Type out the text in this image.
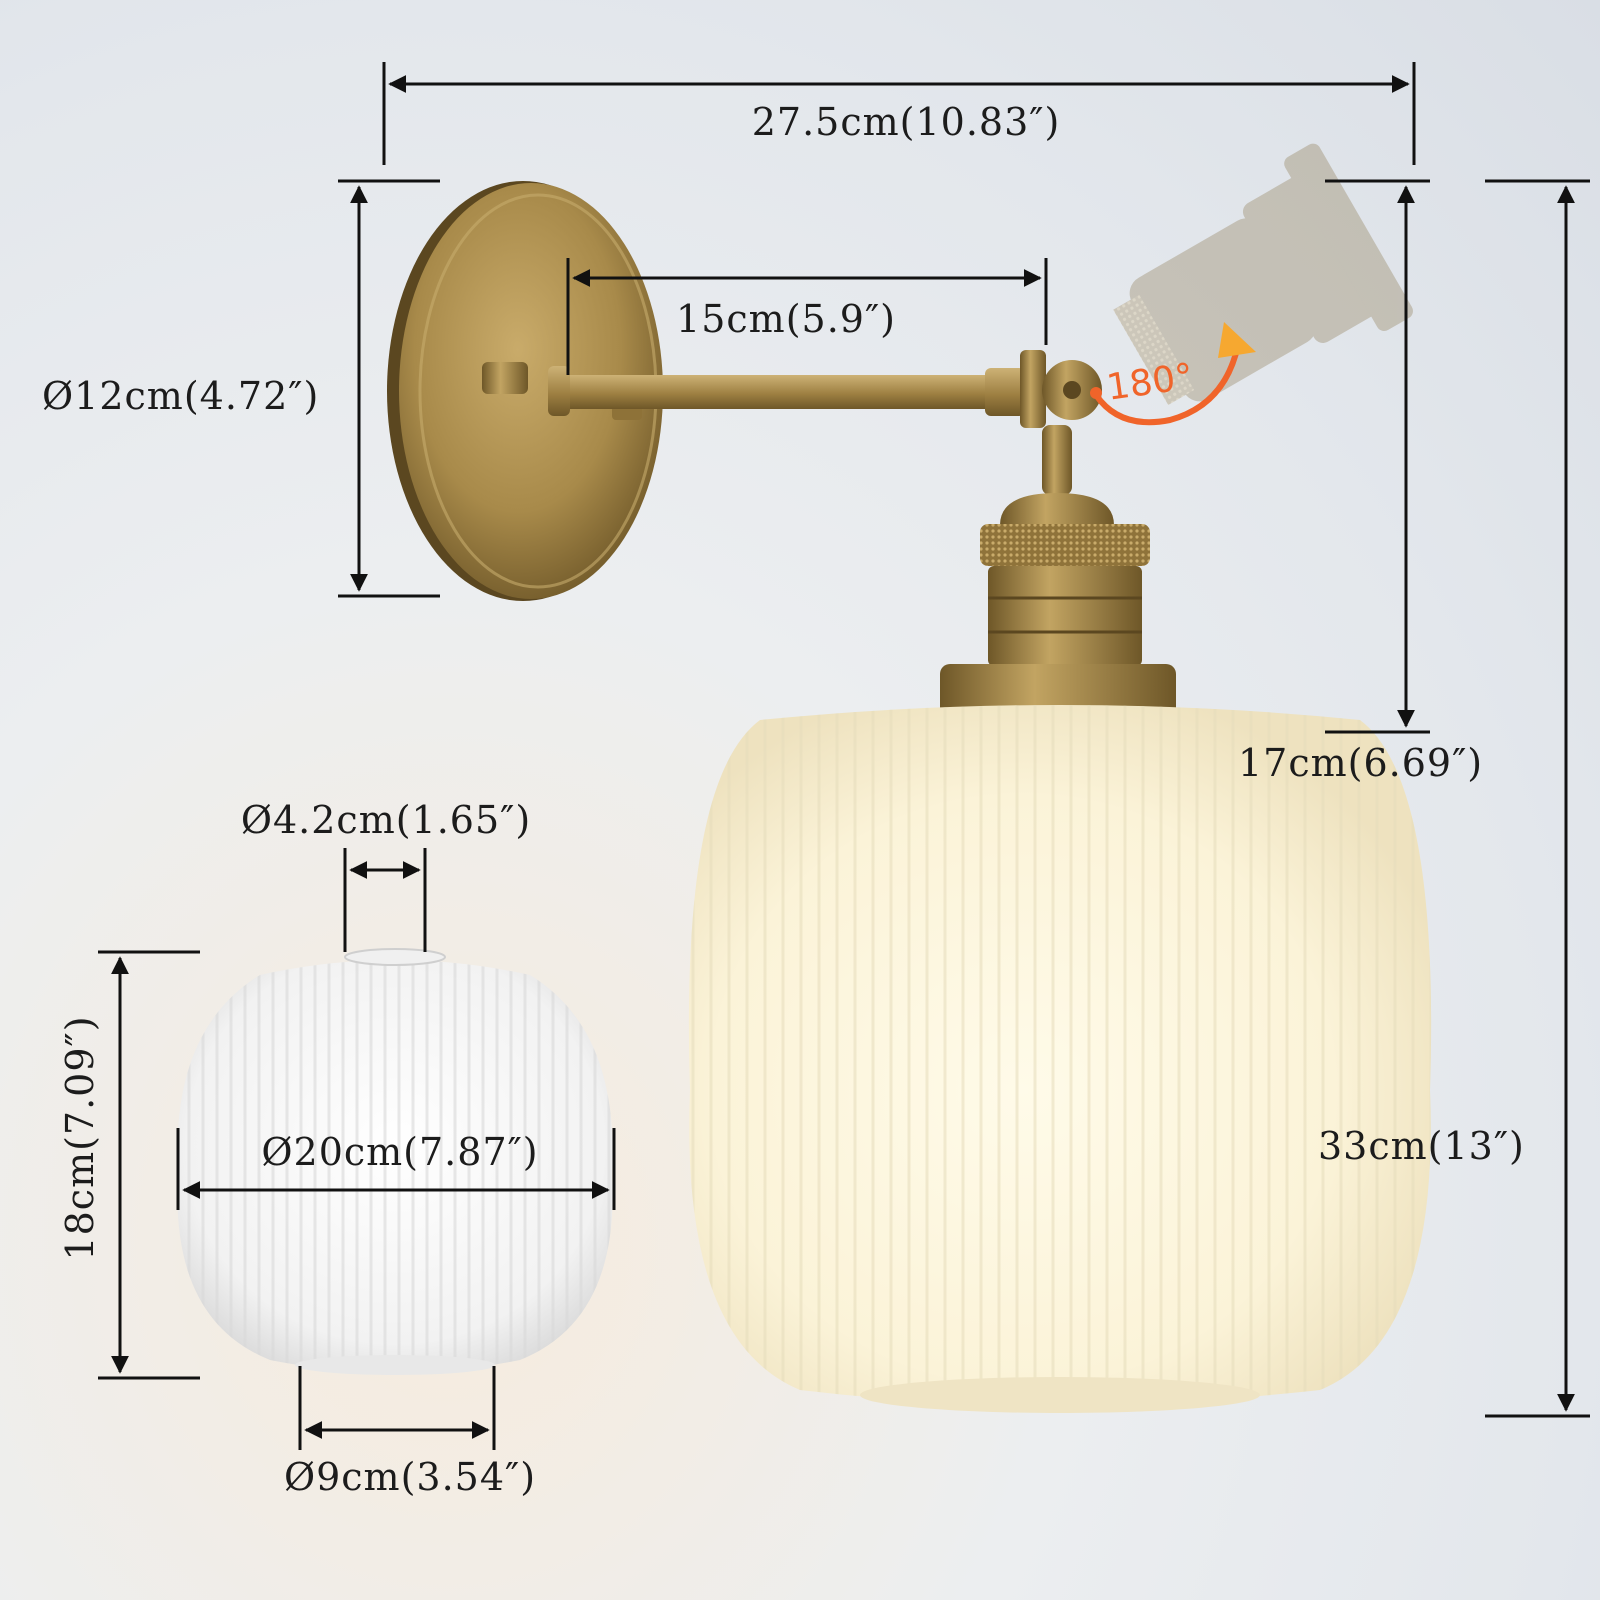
27.5cm(10.83″)
15cm(5.9″)
Ø12cm(4.72″)
17cm(6.69″)
33cm(13″)
Ø4.2cm(1.65″)
18cm(7.09″)	Ø20cm(7.87″)
Ø9cm(3.54″)
180°
